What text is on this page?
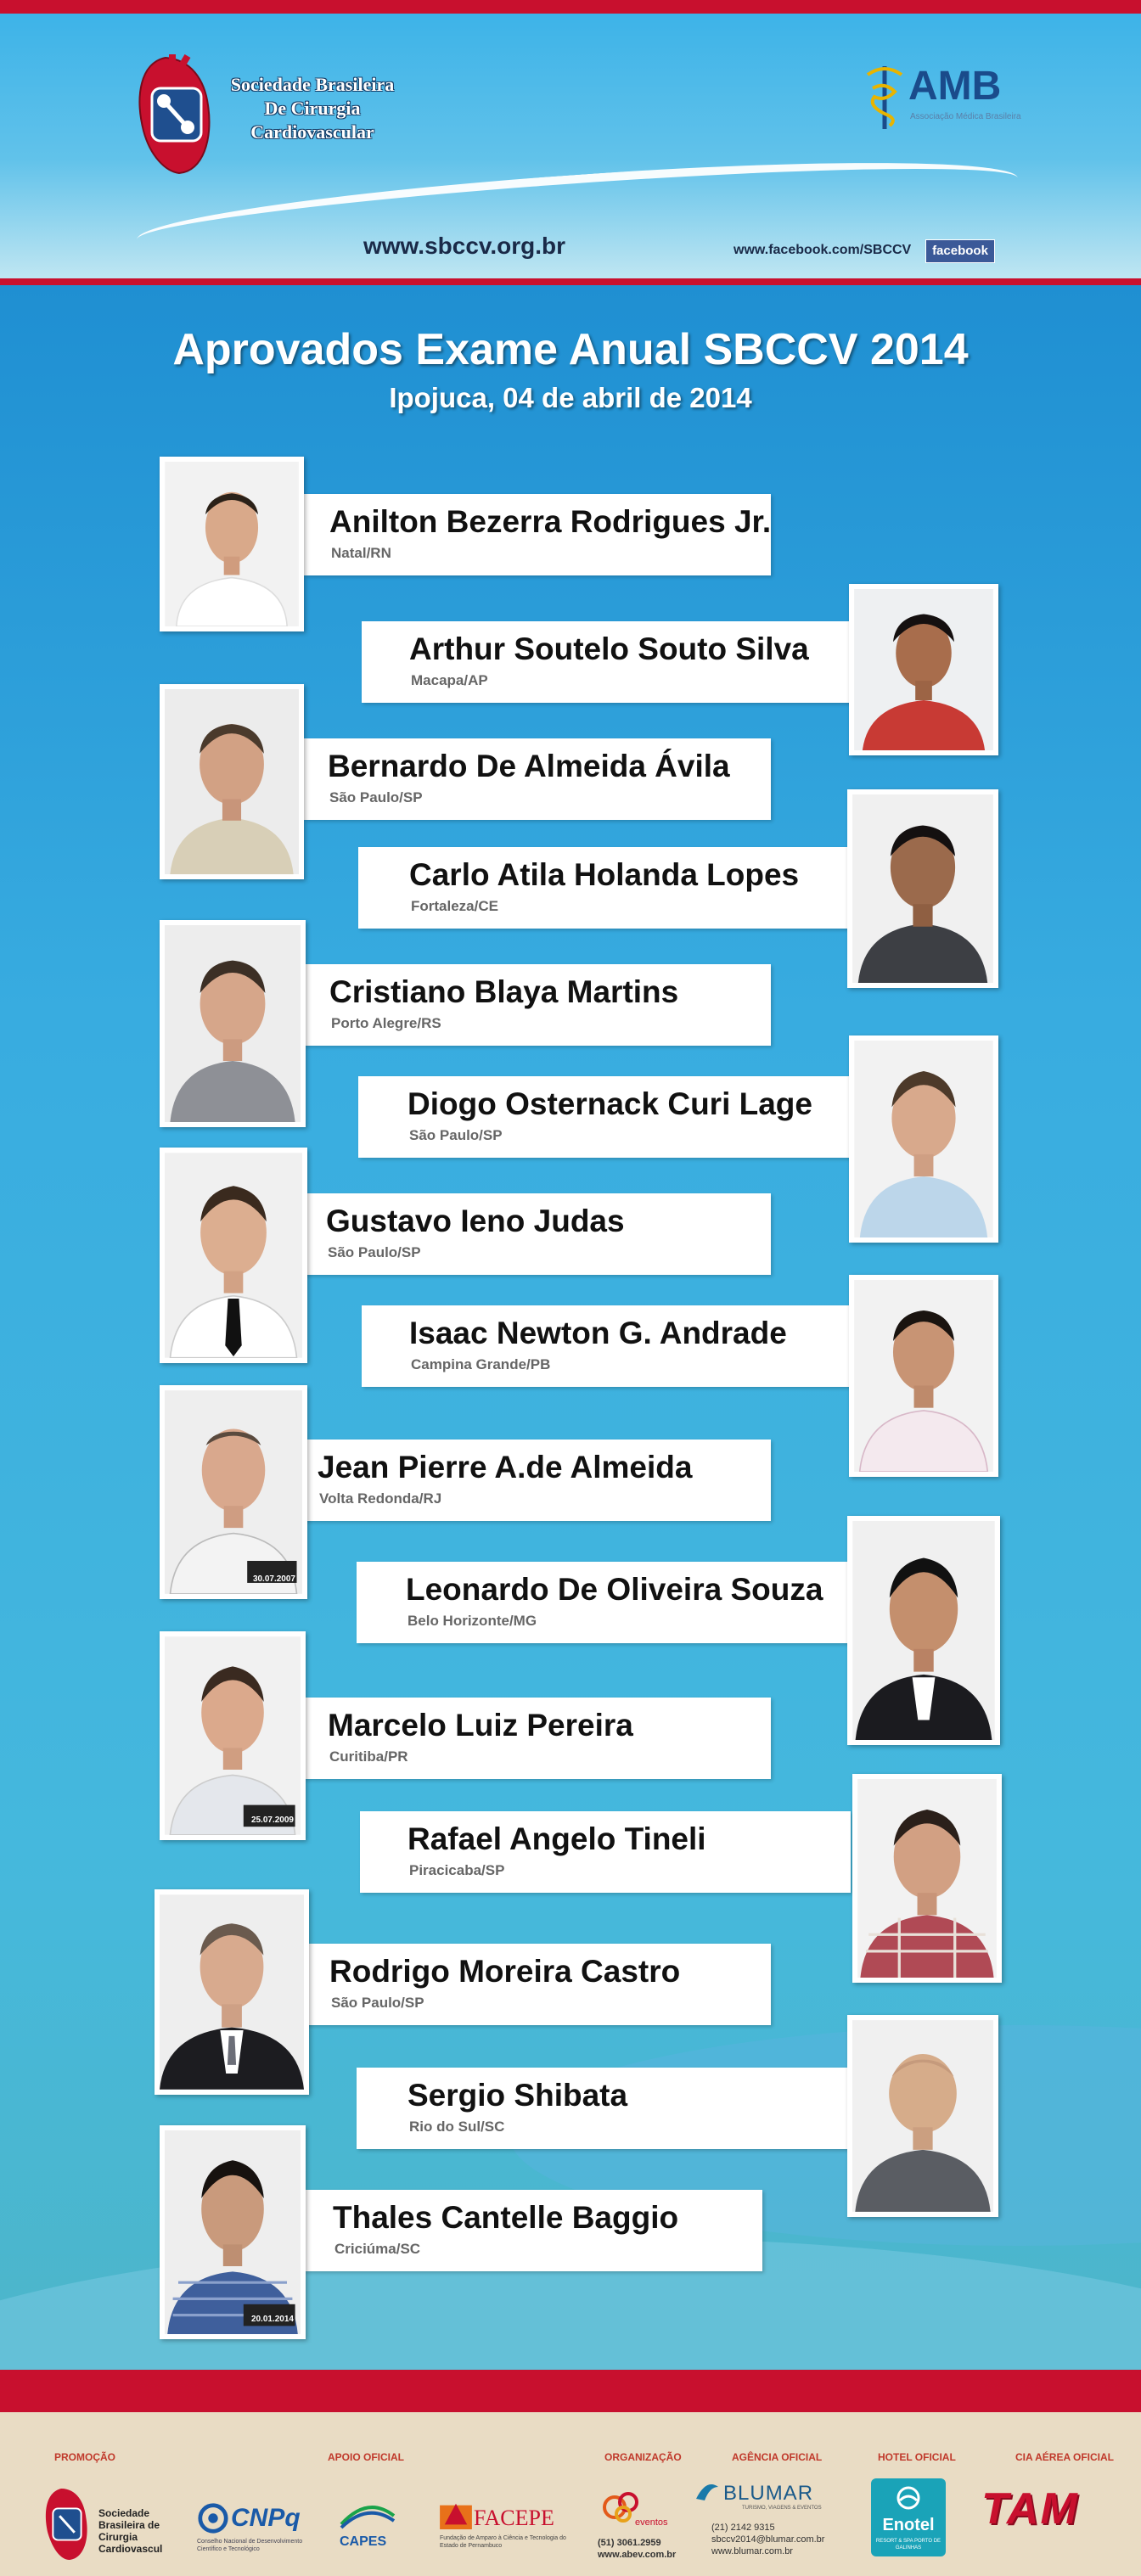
Sociedade Brasileira
De Cirurgia
Cardiovascular
AMB
Associação Médica Brasileira
www.sbccv.org.br	www.facebook.com/SBCCV	facebook
Aprovados Exame Anual SBCCV 2014
Ipojuca, 04 de abril de 2014
Anilton Bezerra Rodrigues Jr.
Natal/RN
Arthur Soutelo Souto Silva
Macapa/AP
Bernardo De Almeida Ávila
São Paulo/SP
Carlo Atila Holanda Lopes
Fortaleza/CE
Cristiano Blaya Martins
Porto Alegre/RS
Diogo Osternack Curi Lage
São Paulo/SP
Gustavo Ieno Judas
São Paulo/SP
Isaac Newton G. Andrade
Campina Grande/PB
Jean Pierre A.de Almeida
Volta Redonda/RJ
Leonardo De Oliveira Souza
Belo Horizonte/MG
Marcelo Luiz Pereira
Curitiba/PR
Rafael Angelo Tineli
Piracicaba/SP
Rodrigo Moreira Castro
São Paulo/SP
Sergio Shibata
Rio do Sul/SC
Thales Cantelle Baggio
Criciúma/SC
30.07.2007
25.07.2009
20.01.2014
PROMOÇÃO	APOIO OFICIAL	ORGANIZAÇÃO	AGÊNCIA OFICIAL	HOTEL OFICIAL	CIA AÉREA OFICIAL
Sociedade
Brasileira de
Cirurgia
Cardiovascul
CNPq
Conselho Nacional de Desenvolvimento Científico e Tecnológico
CAPES
FACEPE
Fundação de Amparo à Ciência e Tecnologia do Estado de Pernambuco
eventos
(51) 3061.2959
www.abev.com.br
BLUMAR
TURISMO, VIAGENS & EVENTOS
(21) 2142 9315
sbccv2014@blumar.com.br
www.blumar.com.br
Enotel
RESORT & SPA PORTO DE GALINHAS
TAM
